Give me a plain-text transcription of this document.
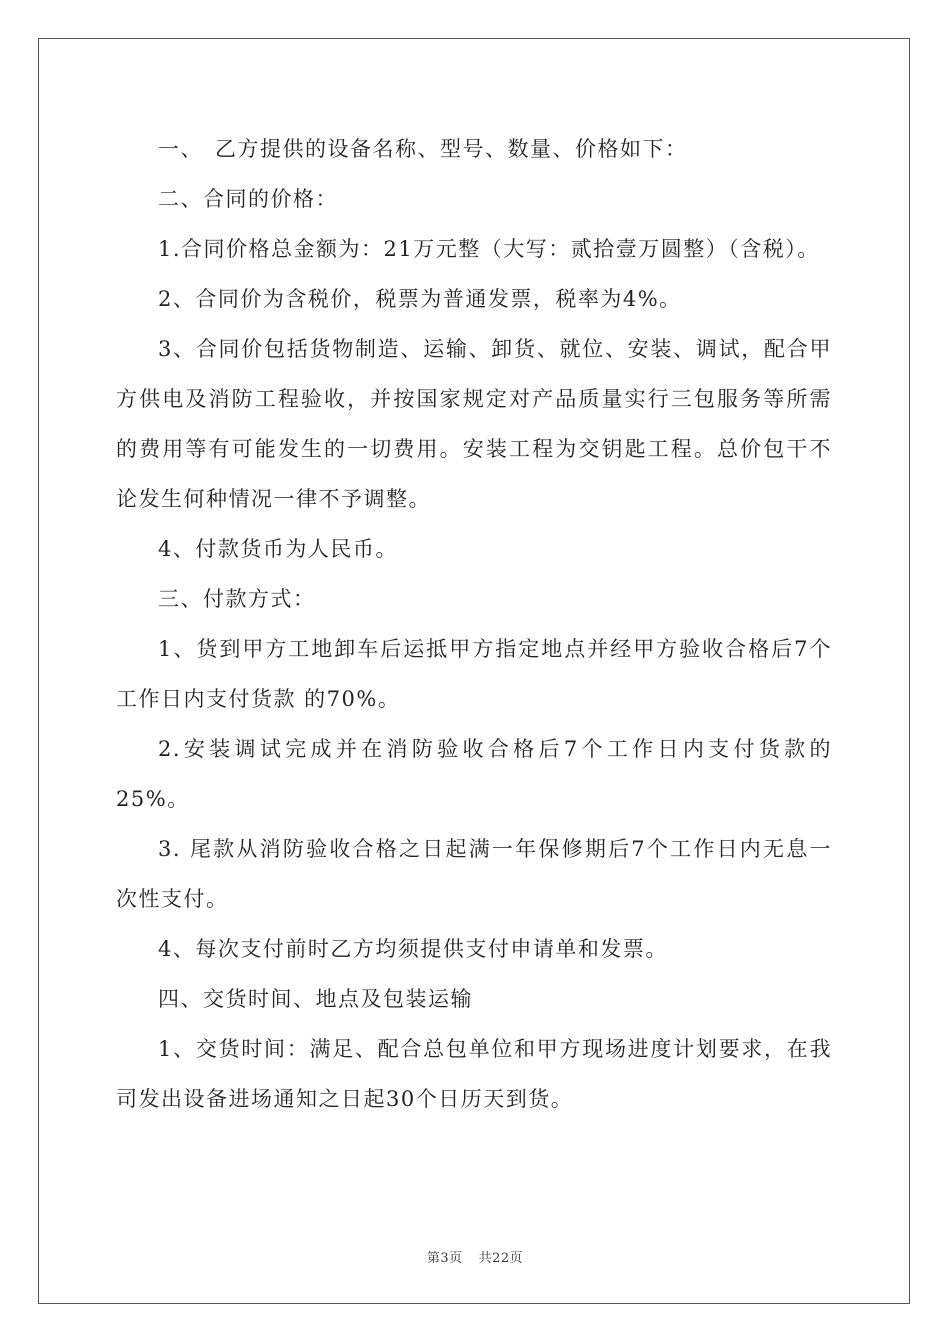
一、　乙方提供的设备名称、型号、数量、价格如下：

二、合同的价格：

1.合同价格总金额为：21万元整（大写：贰拾壹万圆整）（含税）。

2、合同价为含税价，税票为普通发票，税率为4%。

3、合同价包括货物制造、运输、卸货、就位、安装、调试，配合甲方供电及消防工程验收，并按国家规定对产品质量实行三包服务等所需的费用等有可能发生的一切费用。安装工程为交钥匙工程。总价包干不论发生何种情况一律不予调整。

4、付款货币为人民币。

三、付款方式：

1、货到甲方工地卸车后运抵甲方指定地点并经甲方验收合格后7个工作日内支付货款 的70%。

2.安装调试完成并在消防验收合格后7个工作日内支付货款的25%。

3. 尾款从消防验收合格之日起满一年保修期后7个工作日内无息一次性支付。

4、每次支付前时乙方均须提供支付申请单和发票。

四、交货时间、地点及包装运输

1、交货时间：满足、配合总包单位和甲方现场进度计划要求，在我司发出设备进场通知之日起30个日历天到货。

第3页 共22页
